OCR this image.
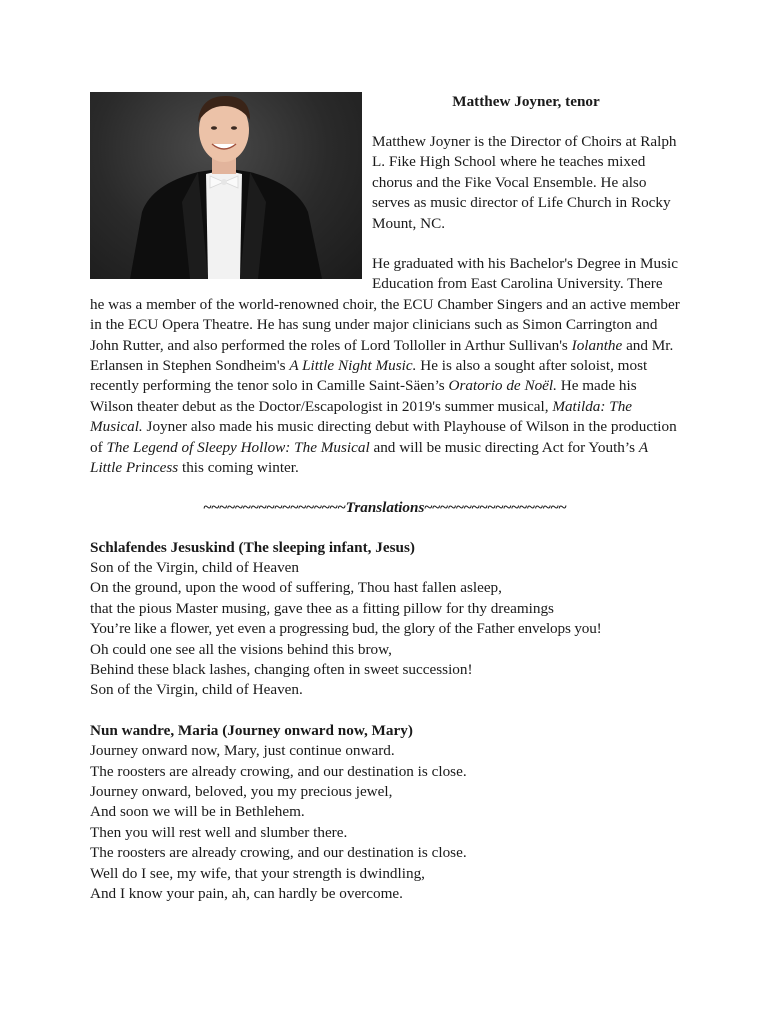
Matthew Joyner, tenor

Matthew Joyner is the Director of Choirs at Ralph L. Fike High School where he teaches mixed chorus and the Fike Vocal Ensemble. He also serves as music director of Life Church in Rocky Mount, NC.

He graduated with his Bachelor's Degree in Music Education from East Carolina University. There he was a member of the world-renowned choir, the ECU Chamber Singers and an active member in the ECU Opera Theatre. He has sung under major clinicians such as Simon Carrington and John Rutter, and also performed the roles of Lord Tolloller in Arthur Sullivan's Iolanthe and Mr. Erlansen in Stephen Sondheim's A Little Night Music. He is also a sought after soloist, most recently performing the tenor solo in Camille Saint-Säen’s Oratorio de Noël. He made his Wilson theater debut as the Doctor/Escapologist in 2019's summer musical, Matilda: The Musical. Joyner also made his music directing debut with Playhouse of Wilson in the production of The Legend of Sleepy Hollow: The Musical and will be music directing Act for Youth’s A Little Princess this coming winter.

~~~~~~~~~~~~~~~~~~Translations~~~~~~~~~~~~~~~~~~

Schlafendes Jesuskind (The sleeping infant, Jesus)

Son of the Virgin, child of Heaven

On the ground, upon the wood of suffering, Thou hast fallen asleep,

that the pious Master musing, gave thee as a fitting pillow for thy dreamings

You’re like a flower, yet even a progressing bud, the glory of the Father envelops you!

Oh could one see all the visions behind this brow,

Behind these black lashes, changing often in sweet succession!

Son of the Virgin, child of Heaven.

Nun wandre, Maria (Journey onward now, Mary)

Journey onward now, Mary, just continue onward.

The roosters are already crowing, and our destination is close.

Journey onward, beloved, you my precious jewel,

And soon we will be in Bethlehem.

Then you will rest well and slumber there.

The roosters are already crowing, and our destination is close.

Well do I see, my wife, that your strength is dwindling,

And I know your pain, ah, can hardly be overcome.
